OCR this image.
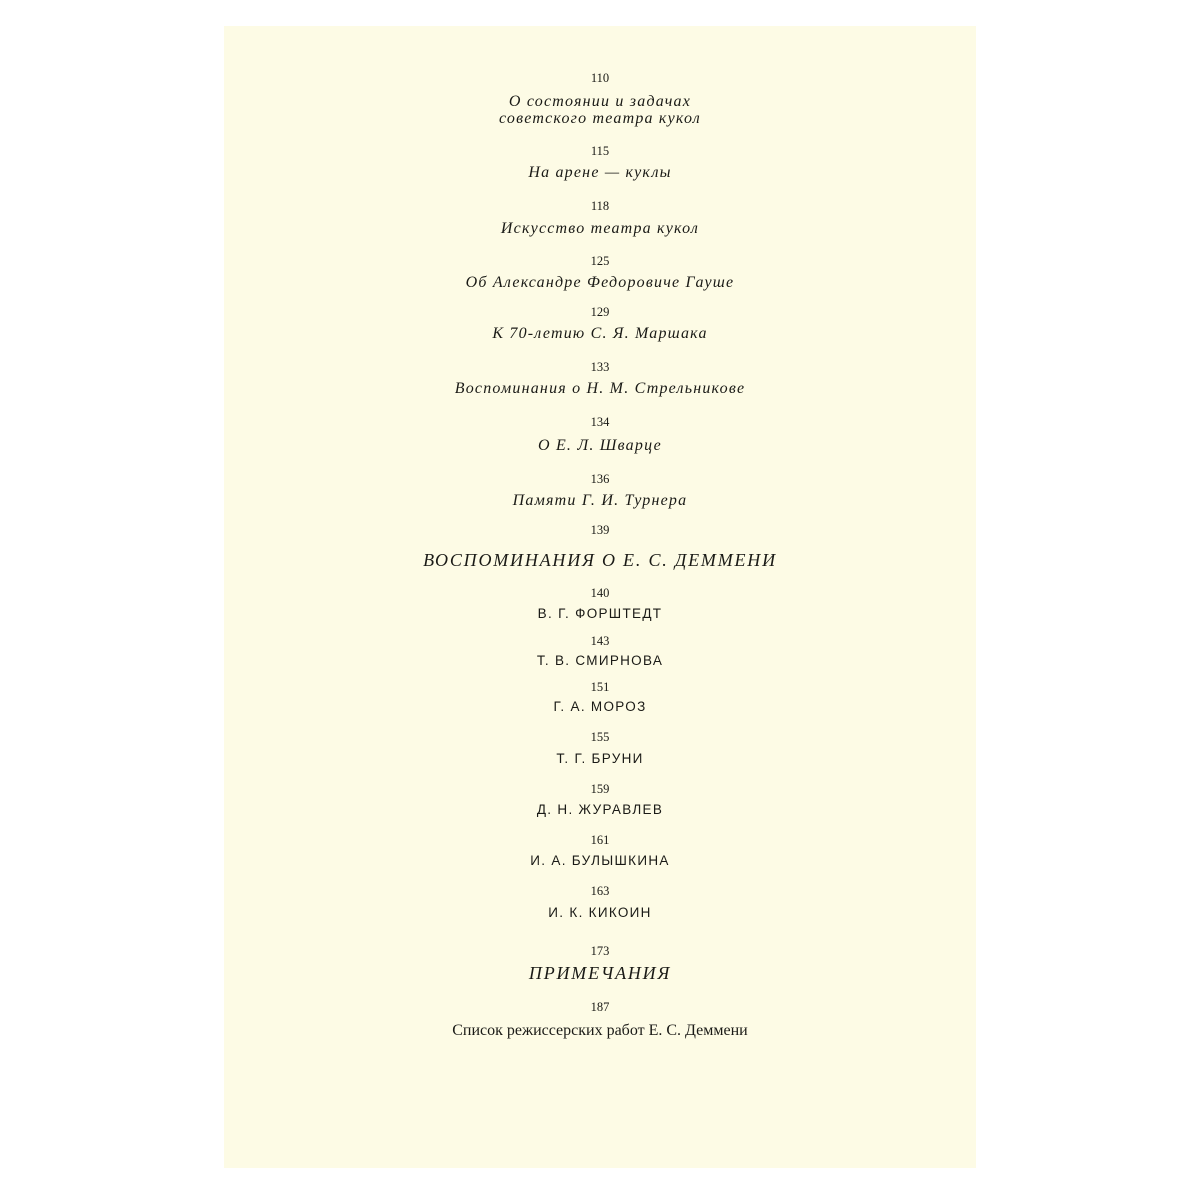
110
О состоянии и задачах
советского театра кукол
115
На арене — куклы
118
Искусство театра кукол
125
Об Александре Федоровиче Гауше
129
К 70-летию С. Я. Маршака
133
Воспоминания о Н. М. Стрельникове
134
О Е. Л. Шварце
136
Памяти Г. И. Турнера
139
ВОСПОМИНАНИЯ О Е. С. ДЕММЕНИ
140
В. Г. ФОРШТЕДТ
143
Т. В. СМИРНОВА
151
Г. А. МОРОЗ
155
Т. Г. БРУНИ
159
Д. Н. ЖУРАВЛЕВ
161
И. А. БУЛЫШКИНА
163
И. К. КИКОИН
173
ПРИМЕЧАНИЯ
187
Список режиссерских работ Е. С. Деммени
